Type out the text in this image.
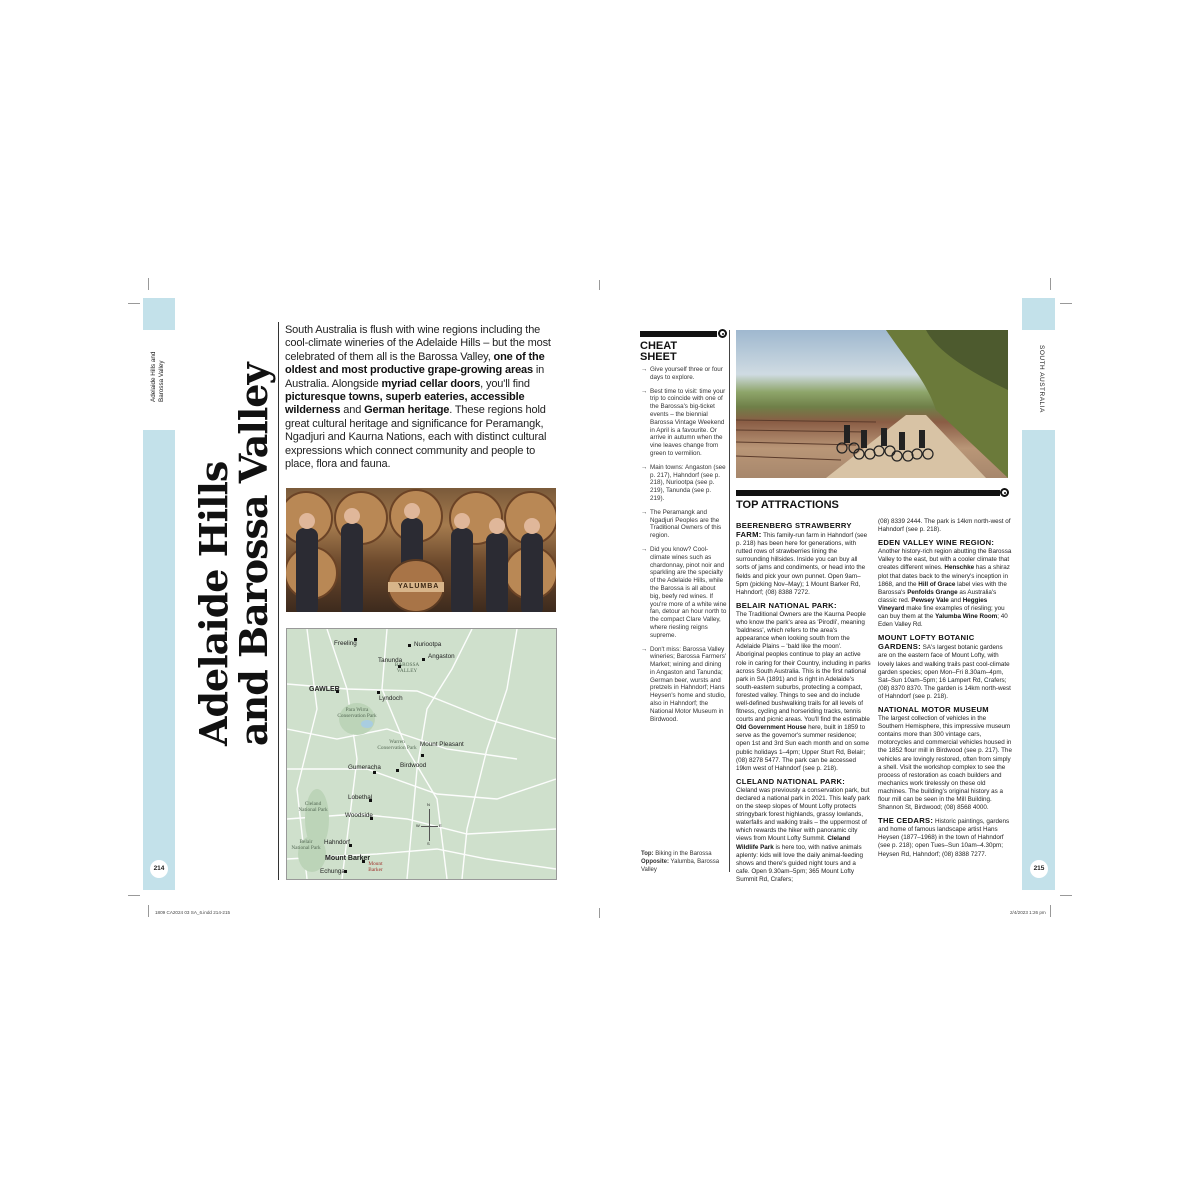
Adelaide Hills and Barossa Valley
214
Adelaide Hills
and Barossa Valley
South Australia is flush with wine regions including the cool-climate wineries of the Adelaide Hills – but the most celebrated of them all is the Barossa Valley, one of the oldest and most productive grape-growing areas in Australia. Alongside myriad cellar doors, you'll find picturesque towns, superb eateries, accessible wilderness and German heritage. These regions hold great cultural heritage and significance for Peramangk, Ngadjuri and Kaurna Nations, each with distinct cultural expressions which connect community and people to place, flora and fauna.
YALUMBA
Freeling	Nuriootpa
Angaston
Tanunda
BAROSSA VALLEY
GAWLER
Lyndoch
Para Wirra Conservation Park
Warren Conservation Park Mount Pleasant
Gumeracha	Birdwood
Lobethal
Cleland National Park
Woodside
Belair National Park
Hahndorf
Mount Barker
Echunga
Mount Barker
N
W	E
S
1809 CA2024 03 SA_6.indd 214-215
SOUTH AUSTRALIA
215
2/4/2023 1:26 pm
CHEAT
SHEET
→ Give yourself three or four days to explore.
→ Best time to visit: time your trip to coincide with one of the Barossa's big-ticket events – the biennial Barossa Vintage Weekend in April is a favourite. Or arrive in autumn when the vine leaves change from green to vermilion.
→ Main towns: Angaston (see p. 217), Hahndorf (see p. 218), Nuriootpa (see p. 219), Tanunda (see p. 219).
→ The Peramangk and Ngadjuri Peoples are the Traditional Owners of this region.
→ Did you know? Cool-climate wines such as chardonnay, pinot noir and sparkling are the specialty of the Adelaide Hills, while the Barossa is all about big, beefy red wines. If you're more of a white wine fan, detour an hour north to the compact Clare Valley, where riesling reigns supreme.
→ Don't miss: Barossa Valley wineries; Barossa Farmers' Market; wining and dining in Angaston and Tanunda; German beer, wursts and pretzels in Hahndorf; Hans Heysen's home and studio, also in Hahndorf; the National Motor Museum in Birdwood.
Top: Biking in the Barossa Opposite: Yalumba, Barossa Valley
TOP ATTRACTIONS

BEERENBERG STRAWBERRY FARM: This family-run farm in Hahndorf (see p. 218) has been here for generations, with rutted rows of strawberries lining the surrounding hillsides. Inside you can buy all sorts of jams and condiments, or head into the fields and pick your own punnet. Open 9am–5pm (picking Nov–May); 1 Mount Barker Rd, Hahndorf; (08) 8388 7272.

BELAIR NATIONAL PARK:
The Traditional Owners are the Kaurna People who know the park's area as 'Pirodli', meaning 'baldness', which refers to the area's appearance when looking south from the Adelaide Plains – 'bald like the moon'. Aboriginal peoples continue to play an active role in caring for their Country, including in parks across South Australia. This is the first national park in SA (1891) and is right in Adelaide's south-eastern suburbs, protecting a compact, forested valley. Things to see and do include well-defined bushwalking trails for all levels of fitness, cycling and horseriding tracks, tennis courts and picnic areas. You'll find the estimable Old Government House here, built in 1859 to serve as the governor's summer residence; open 1st and 3rd Sun each month and on some public holidays 1–4pm; Upper Sturt Rd, Belair; (08) 8278 5477. The park can be accessed 19km west of Hahndorf (see p. 218).

CLELAND NATIONAL PARK:
Cleland was previously a conservation park, but declared a national park in 2021. This leafy park on the steep slopes of Mount Lofty protects stringybark forest highlands, grassy lowlands, waterfalls and walking trails – the uppermost of which rewards the hiker with panoramic city views from Mount Lofty Summit. Cleland Wildlife Park is here too, with native animals aplenty: kids will love the daily animal-feeding shows and there's guided night tours and a cafe. Open 9.30am–5pm; 365 Mount Lofty Summit Rd, Crafers;

(08) 8339 2444. The park is 14km north-west of Hahndorf (see p. 218).

EDEN VALLEY WINE REGION:
Another history-rich region abutting the Barossa Valley to the east, but with a cooler climate that creates different wines. Henschke has a shiraz plot that dates back to the winery's inception in 1868, and the Hill of Grace label vies with the Barossa's Penfolds Grange as Australia's classic red. Pewsey Vale and Heggies Vineyard make fine examples of riesling; you can buy them at the Yalumba Wine Room; 40 Eden Valley Rd.

MOUNT LOFTY BOTANIC GARDENS: SA's largest botanic gardens are on the eastern face of Mount Lofty, with lovely lakes and walking trails past cool-climate garden species; open Mon–Fri 8.30am–4pm, Sat–Sun 10am–5pm; 16 Lampert Rd, Crafers; (08) 8370 8370. The garden is 14km north-west of Hahndorf (see p. 218).

NATIONAL MOTOR MUSEUM
The largest collection of vehicles in the Southern Hemisphere, this impressive museum contains more than 300 vintage cars, motorcycles and commercial vehicles housed in the 1852 flour mill in Birdwood (see p. 217). The vehicles are lovingly restored, often from simply a shell. Visit the workshop complex to see the process of restoration as coach builders and mechanics work tirelessly on these old machines. The building's original history as a flour mill can be seen in the Mill Building. Shannon St, Birdwood; (08) 8568 4000.

THE CEDARS: Historic paintings, gardens and home of famous landscape artist Hans Heysen (1877–1968) in the town of Hahndorf (see p. 218); open Tues–Sun 10am–4.30pm; Heysen Rd, Hahndorf; (08) 8388 7277.
